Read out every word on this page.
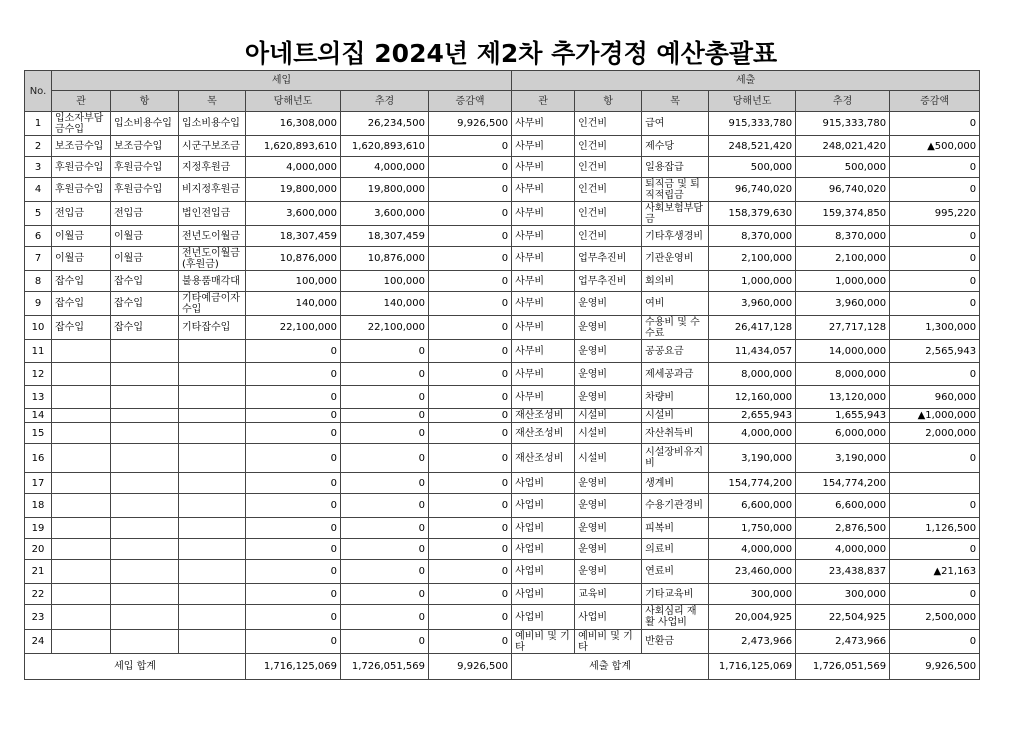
아네트의집 2024년 제2차 추가경정 예산총괄표
No.	세입						세출					
	관	항	목	당해년도	추경	증감액	관	항	목	당해년도	추경	증감액
1	입소자부담금수입	입소비용수입	입소비용수입	16,308,000	26,234,500	9,926,500	사무비	인건비	급여	915,333,780	915,333,780	0
2	보조금수입	보조금수입	시군구보조금	1,620,893,610	1,620,893,610	0	사무비	인건비	제수당	248,521,420	248,021,420	▲500,000
3	후원금수입	후원금수입	지정후원금	4,000,000	4,000,000	0	사무비	인건비	일용잡급	500,000	500,000	0
4	후원금수입	후원금수입	비지정후원금	19,800,000	19,800,000	0	사무비	인건비	퇴직금 및 퇴직적립금	96,740,020	96,740,020	0
5	전입금	전입금	법인전입금	3,600,000	3,600,000	0	사무비	인건비	사회보험부담금	158,379,630	159,374,850	995,220
6	이월금	이월금	전년도이월금	18,307,459	18,307,459	0	사무비	인건비	기타후생경비	8,370,000	8,370,000	0
7	이월금	이월금	전년도이월금(후원금)	10,876,000	10,876,000	0	사무비	업무추진비	기관운영비	2,100,000	2,100,000	0
8	잡수입	잡수입	불용품매각대	100,000	100,000	0	사무비	업무추진비	회의비	1,000,000	1,000,000	0
9	잡수입	잡수입	기타예금이자수입	140,000	140,000	0	사무비	운영비	여비	3,960,000	3,960,000	0
10	잡수입	잡수입	기타잡수입	22,100,000	22,100,000	0	사무비	운영비	수용비 및 수수료	26,417,128	27,717,128	1,300,000
11				0	0	0	사무비	운영비	공공요금	11,434,057	14,000,000	2,565,943
12				0	0	0	사무비	운영비	제세공과금	8,000,000	8,000,000	0
13				0	0	0	사무비	운영비	차량비	12,160,000	13,120,000	960,000
14				0	0	0	재산조성비	시설비	시설비	2,655,943	1,655,943	▲1,000,000
15				0	0	0	재산조성비	시설비	자산취득비	4,000,000	6,000,000	2,000,000
16				0	0	0	재산조성비	시설비	시설장비유지비	3,190,000	3,190,000	0
17				0	0	0	사업비	운영비	생계비	154,774,200	154,774,200	
18				0	0	0	사업비	운영비	수용기관경비	6,600,000	6,600,000	0
19				0	0	0	사업비	운영비	피복비	1,750,000	2,876,500	1,126,500
20				0	0	0	사업비	운영비	의료비	4,000,000	4,000,000	0
21				0	0	0	사업비	운영비	연료비	23,460,000	23,438,837	▲21,163
22				0	0	0	사업비	교육비	기타교육비	300,000	300,000	0
23				0	0	0	사업비	사업비	사회심리 재활 사업비	20,004,925	22,504,925	2,500,000
24				0	0	0	예비비 및 기타	예비비 및 기타	반환금	2,473,966	2,473,966	0
세입 합계				1,716,125,069	1,726,051,569	9,926,500	세출 합계			1,716,125,069	1,726,051,569	9,926,500
